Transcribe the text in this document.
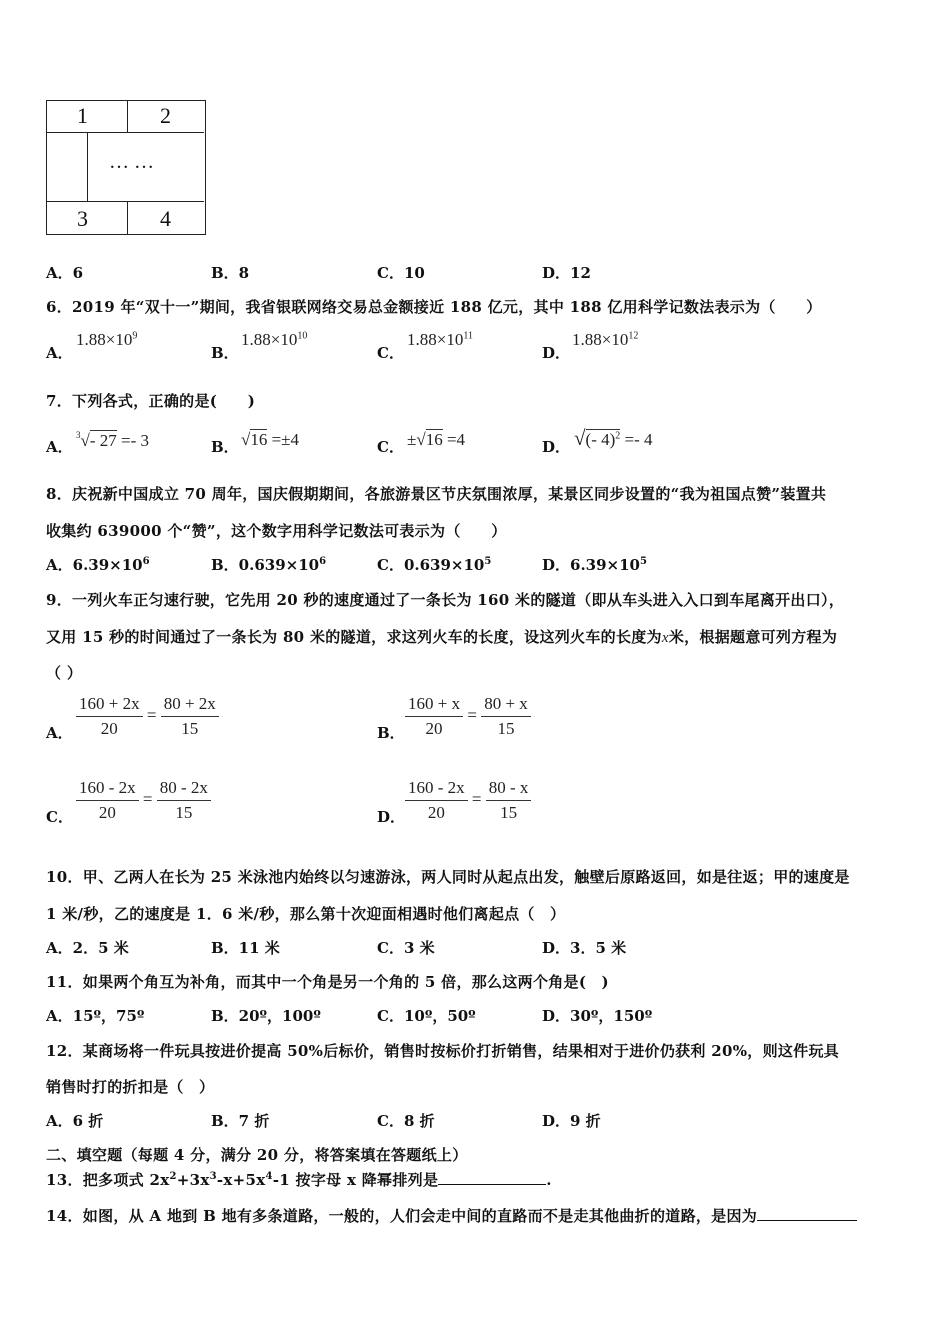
1	2
… …
3	4
A．6	B．8	C．10	D．12
6．2019 年“双十一”期间，我省银联网络交易总金额接近 188 亿元，其中 188 亿用科学记数法表示为（　　）
A．
$1.88\times 10^9$
B．
$1.88\times 10^{10}$
C．
$1.88\times 10^{11}$
D．
$1.88\times 10^{12}$
7．下列各式，正确的是(　　)
A．
$^3$√- 27 =- 3	B． √16 =±4	C． ±√16 =4	D． √(- 4)$^2$ =- 4
8．庆祝新中国成立 70 周年，国庆假期期间，各旅游景区节庆氛围浓厚，某景区同步设置的“我为祖国点赞”装置共
收集约 639000 个“赞”，这个数字用科学记数法可表示为（　　）
A．$6.39\times 10^6$	B．$0.639\times 10^6$	C．$0.639\times 10^5$	D．$6.39\times 10^5$
9．一列火车正匀速行驶，它先用 20 秒的速度通过了一条长为 160 米的隧道（即从车头进入入口到车尾离开出口），
又用 15 秒的时间通过了一条长为 80 米的隧道，求这列火车的长度，设这列火车的长度为x米，根据题意可列方程为
（ ）
A． $\frac{160 + 2x}{20} = \frac{80 + 2x}{15}$	B． $\frac{160 + x}{20} = \frac{80 + x}{15}$
C． $\frac{160 - 2x}{20} = \frac{80 - 2x}{15}$	D． $\frac{160 - 2x}{20} = \frac{80 - x}{15}$
10．甲、乙两人在长为 25 米泳池内始终以匀速游泳，两人同时从起点出发，触壁后原路返回，如是往返；甲的速度是
1 米/秒，乙的速度是 1．6 米/秒，那么第十次迎面相遇时他们离起点（　）
A．2．5 米	B．11 米	C．3 米	D．3．5 米
11．如果两个角互为补角，而其中一个角是另一个角的 5 倍，那么这两个角是(　)
A．15º，75º	B．20º，100º	C．10º，50º	D．30º，150º
12．某商场将一件玩具按进价提高 50%后标价，销售时按标价打折销售，结果相对于进价仍获利 20%，则这件玩具
销售时打的折扣是（　）
A．6 折	B．7 折	C．8 折	D．9 折
二、填空题（每题 4 分，满分 20 分，将答案填在答题纸上）
13．把多项式 $2x^2+3x^3-x+5x^4-1$ 按字母 x 降幂排列是	.
14．如图，从 A 地到 B 地有多条道路，一般的，人们会走中间的直路而不是走其他曲折的道路，是因为
